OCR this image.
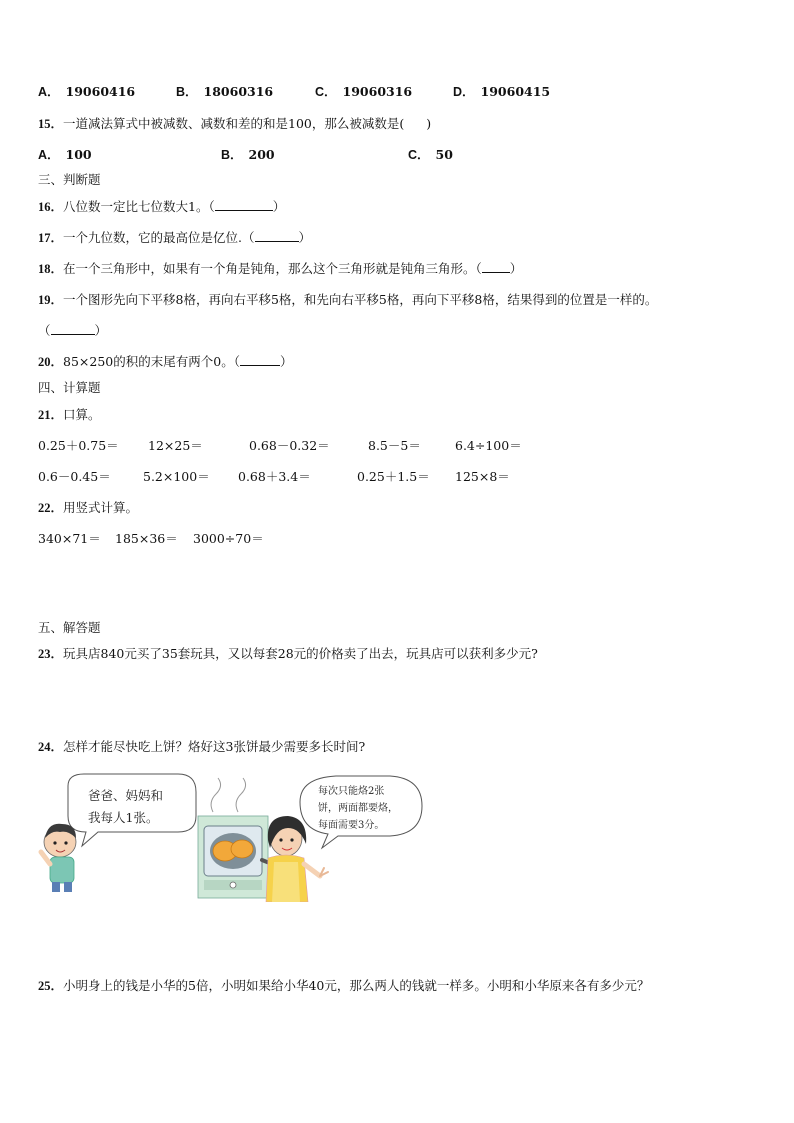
A． 19060416	B． 18060316	C． 19060316	D． 19060415
15．一道减法算式中被减数、减数和差的和是100，那么被减数是( )
A． 100	B． 200	C． 50
三、判断题
16．八位数一定比七位数大1。（	）
17．一个九位数，它的最高位是亿位.（	）
18．在一个三角形中，如果有一个角是钝角，那么这个三角形就是钝角三角形。（ ）
19．一个图形先向下平移8格，再向右平移5格，和先向右平移5格，再向下平移8格，结果得到的位置是一样的。
（	）
20．85×250的积的末尾有两个0。（	）
四、计算题
21．口算。
0.25＋0.75＝ 12×25＝	0.68－0.32＝	8.5－5＝	6.4÷100＝
0.6－0.45＝	5.2×100＝ 0.68＋3.4＝	0.25＋1.5＝ 125×8＝
22．用竖式计算。
340×71＝ 185×36＝ 3000÷70＝
五、解答题
23．玩具店840元买了35套玩具，又以每套28元的价格卖了出去，玩具店可以获利多少元?
24．怎样才能尽快吃上饼？烙好这3张饼最少需要多长时间?
爸爸、妈妈和
我每人1张。
每次只能烙2张
饼，两面都要烙，
每面需要3分。
25．小明身上的钱是小华的5倍，小明如果给小华40元，那么两人的钱就一样多。小明和小华原来各有多少元？
